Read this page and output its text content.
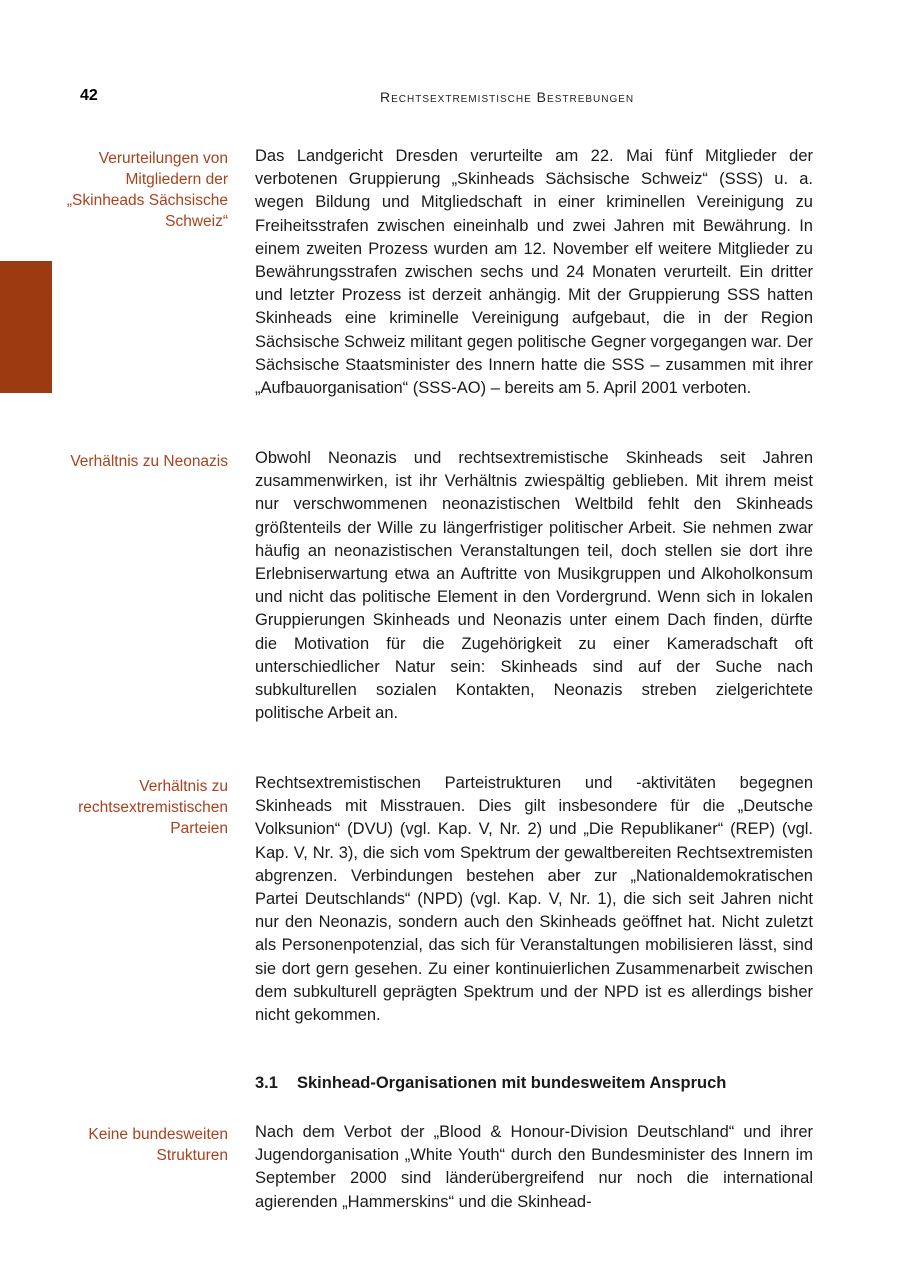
42	Rechtsextremistische Bestrebungen
Verurteilungen von Mitgliedern der „Skinheads Sächsische Schweiz“
Das Landgericht Dresden verurteilte am 22. Mai fünf Mitglieder der verbotenen Gruppierung „Skinheads Sächsische Schweiz“ (SSS) u. a. wegen Bildung und Mitgliedschaft in einer kriminellen Vereinigung zu Freiheitsstrafen zwischen eineinhalb und zwei Jahren mit Bewährung. In einem zweiten Prozess wurden am 12. November elf weitere Mitglieder zu Bewährungsstrafen zwischen sechs und 24 Monaten verurteilt. Ein dritter und letzter Prozess ist derzeit anhängig. Mit der Gruppierung SSS hatten Skinheads eine kriminelle Vereinigung aufgebaut, die in der Region Sächsische Schweiz militant gegen politische Gegner vorgegangen war. Der Sächsische Staatsminister des Innern hatte die SSS – zusammen mit ihrer „Aufbauorganisation“ (SSS-AO) – bereits am 5. April 2001 verboten.
Verhältnis zu Neonazis Obwohl Neonazis und rechtsextremistische Skinheads seit Jahren zusammenwirken, ist ihr Verhältnis zwiespältig geblieben. Mit ihrem meist nur verschwommenen neonazistischen Weltbild fehlt den Skinheads größtenteils der Wille zu längerfristiger politischer Arbeit. Sie nehmen zwar häufig an neonazistischen Veranstaltungen teil, doch stellen sie dort ihre Erlebniserwartung etwa an Auftritte von Musikgruppen und Alkoholkonsum und nicht das politische Element in den Vordergrund. Wenn sich in lokalen Gruppierungen Skinheads und Neonazis unter einem Dach finden, dürfte die Motivation für die Zugehörigkeit zu einer Kameradschaft oft unterschiedlicher Natur sein: Skinheads sind auf der Suche nach subkulturellen sozialen Kontakten, Neonazis streben zielgerichtete politische Arbeit an.
Verhältnis zu rechtsextremistischen Parteien
Rechtsextremistischen Parteistrukturen und -aktivitäten begegnen Skinheads mit Misstrauen. Dies gilt insbesondere für die „Deutsche Volksunion“ (DVU) (vgl. Kap. V, Nr. 2) und „Die Republikaner“ (REP) (vgl. Kap. V, Nr. 3), die sich vom Spektrum der gewaltbereiten Rechtsextremisten abgrenzen. Verbindungen bestehen aber zur „Nationaldemokratischen Partei Deutschlands“ (NPD) (vgl. Kap. V, Nr. 1), die sich seit Jahren nicht nur den Neonazis, sondern auch den Skinheads geöffnet hat. Nicht zuletzt als Personenpotenzial, das sich für Veranstaltungen mobilisieren lässt, sind sie dort gern gesehen. Zu einer kontinuierlichen Zusammenarbeit zwischen dem subkulturell geprägten Spektrum und der NPD ist es allerdings bisher nicht gekommen.
3.1 Skinhead-Organisationen mit bundesweitem Anspruch
Keine bundesweiten Strukturen
Nach dem Verbot der „Blood & Honour-Division Deutschland“ und ihrer Jugendorganisation „White Youth“ durch den Bundesminister des Innern im September 2000 sind länderübergreifend nur noch die international agierenden „Hammerskins“ und die Skinhead-
